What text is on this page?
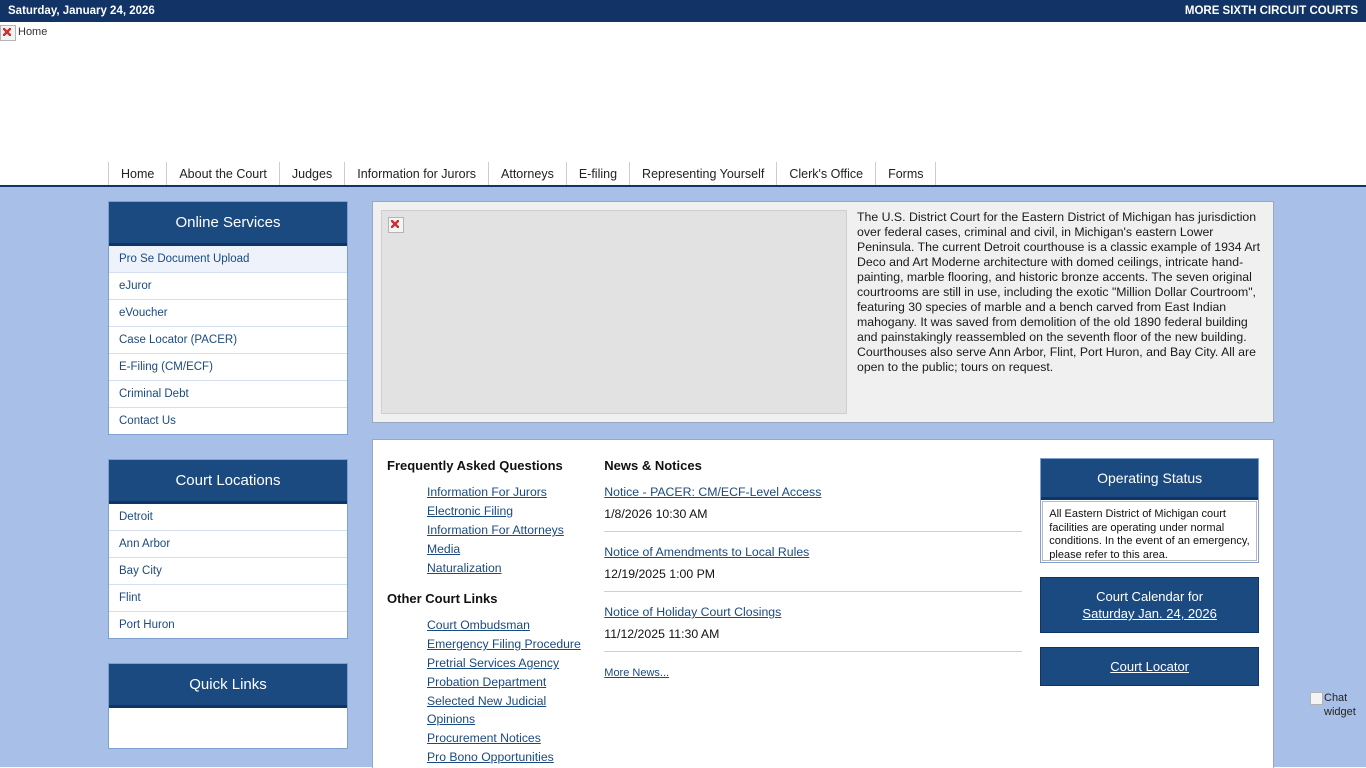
Saturday, January 24, 2026	MORE SIXTH CIRCUIT COURTS
Home
Home	About the Court	Judges	Information for Jurors	Attorneys	E-filing	Representing Yourself	Clerk's Office	Forms
Online Services
Pro Se Document Upload
eJuror
eVoucher
Case Locator (PACER)
E-Filing (CM/ECF)
Criminal Debt
Contact Us
Court Locations
Detroit
Ann Arbor
Bay City
Flint
Port Huron
Quick Links
The U.S. District Court for the Eastern District of Michigan has jurisdiction over federal cases, criminal and civil, in Michigan's eastern Lower Peninsula. The current Detroit courthouse is a classic example of 1934 Art Deco and Art Moderne architecture with domed ceilings, intricate hand-painting, marble flooring, and historic bronze accents. The seven original courtrooms are still in use, including the exotic "Million Dollar Courtroom", featuring 30 species of marble and a bench carved from East Indian mahogany. It was saved from demolition of the old 1890 federal building and painstakingly reassembled on the seventh floor of the new building. Courthouses also serve Ann Arbor, Flint, Port Huron, and Bay City. All are open to the public; tours on request.
Frequently Asked Questions
Information For Jurors
Electronic Filing
Information For Attorneys
Media
Naturalization
Other Court Links
Court Ombudsman
Emergency Filing Procedure
Pretrial Services Agency
Probation Department
Selected New Judicial Opinions
Procurement Notices
Pro Bono Opportunities
News & Notices
Notice - PACER: CM/ECF-Level Access
1/8/2026 10:30 AM
Notice of Amendments to Local Rules
12/19/2025 1:00 PM
Notice of Holiday Court Closings
11/12/2025 11:30 AM
More News...
Operating Status
All Eastern District of Michigan court facilities are operating under normal conditions. In the event of an emergency, please refer to this area.
Court Calendar for
Saturday Jan. 24, 2026
Court Locator
Chat widget
